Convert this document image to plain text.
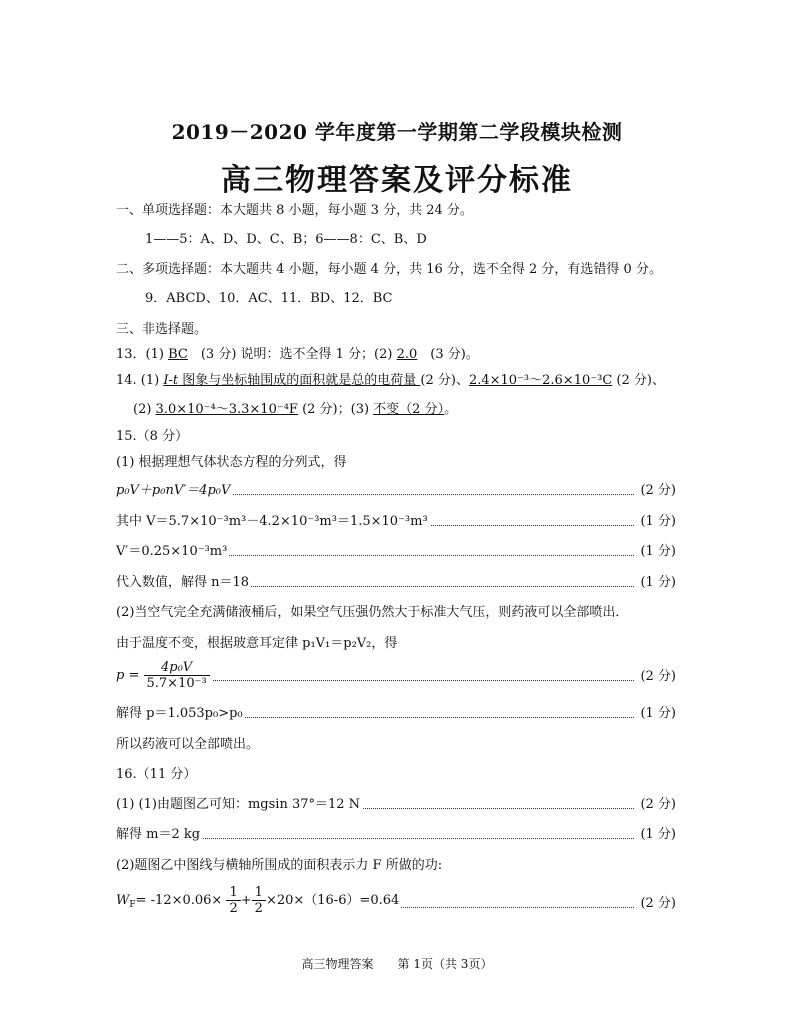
2019－2020 学年度第一学期第二学段模块检测
高三物理答案及评分标准
一、单项选择题：本大题共 8 小题，每小题 3 分，共 24 分。
1——5：A、D、D、C、B；6——8：C、B、D
二、多项选择题：本大题共 4 小题，每小题 4 分，共 16 分，选不全得 2 分，有选错得 0 分。
9．ABCD、10．AC、11．BD、12．BC
三、非选择题。
13．(1) BC　(3 分) 说明：选不全得 1 分；(2) 2.0　(3 分)。
14. (1) I-t 图象与坐标轴围成的面积就是总的电荷量 (2 分)、2.4×10⁻³～2.6×10⁻³C (2 分)、
(2) 3.0×10⁻⁴～3.3×10⁻⁴F (2 分)；(3) 不变（2 分）。
15.（8 分）
(1) 根据理想气体状态方程的分列式，得
p₀V＋p₀nV′＝4p₀V	(2 分)
其中 V＝5.7×10⁻³m³－4.2×10⁻³m³＝1.5×10⁻³m³	(1 分)
V′＝0.25×10⁻³m³	(1 分)
代入数值，解得 n＝18	(1 分)
(2)当空气完全充满储液桶后，如果空气压强仍然大于标准大气压，则药液可以全部喷出．
由于温度不变，根据玻意耳定律 p₁V₁＝p₂V₂，得
$p = \frac{\text{4p₀V}}{\text{5.7×10⁻³}}$	(2 分)
解得 p＝1.053p₀>p₀	(1 分)
所以药液可以全部喷出。
16.（11 分）
(1) (1)由题图乙可知：mgsin 37°＝12 N	(2 分)
解得 m＝2 kg	(1 分)
(2)题图乙中图线与横轴所围成的面积表示力 F 所做的功:
$W_F= -12\times 0.06\times \frac{1}{2} + \frac{1}{2} \times 20\times(16-6)=0.64$	(2 分)
高三物理答案　　第 1页（共 3页）
